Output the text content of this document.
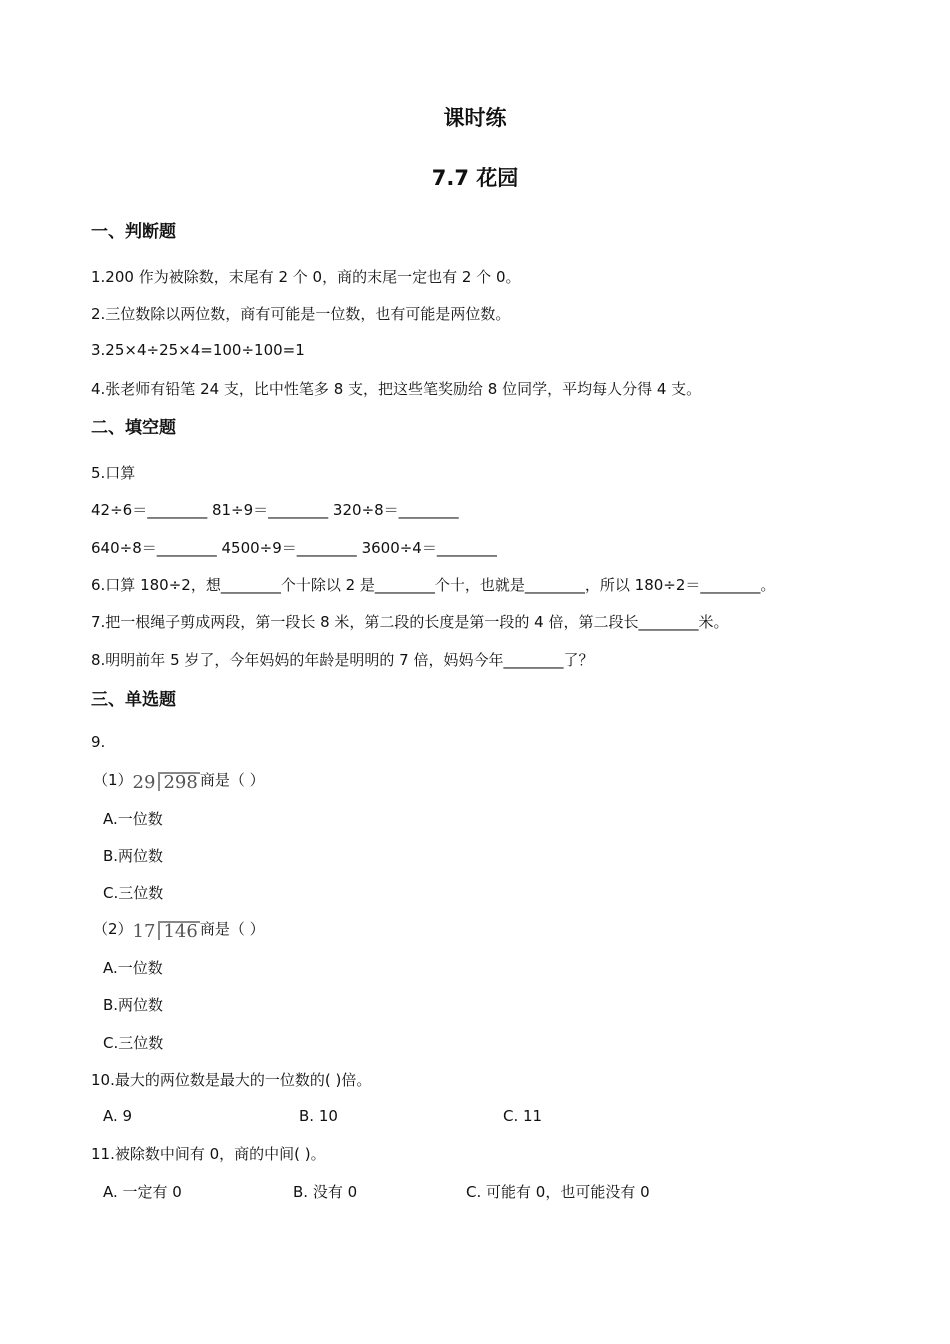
课时练
7.7 花园
一、判断题
1.200 作为被除数，末尾有 2 个 0，商的末尾一定也有 2 个 0。
2.三位数除以两位数，商有可能是一位数，也有可能是两位数。
3.25×4÷25×4=100÷100=1
4.张老师有铅笔 24 支，比中性笔多 8 支，把这些笔奖励给 8 位同学，平均每人分得 4 支。
二、填空题
5.口算
42÷6＝________ 81÷9＝________ 320÷8＝________
640÷8＝________ 4500÷9＝________ 3600÷4＝________
6.口算 180÷2，想________个十除以 2 是________个十，也就是________，所以 180÷2＝________。
7.把一根绳子剪成两段，第一段长 8 米，第二段的长度是第一段的 4 倍，第二段长________米。
8.明明前年 5 岁了，今年妈妈的年龄是明明的 7 倍，妈妈今年________了？
三、单选题
9.
（1）29 298 商是（ ）
A.一位数
B.两位数
C.三位数
（2）17 146 商是（ ）
A.一位数
B.两位数
C.三位数
10.最大的两位数是最大的一位数的( )倍。
A. 9	B. 10	C. 11
11.被除数中间有 0，商的中间( )。
A. 一定有 0	B. 没有 0	C. 可能有 0，也可能没有 0
